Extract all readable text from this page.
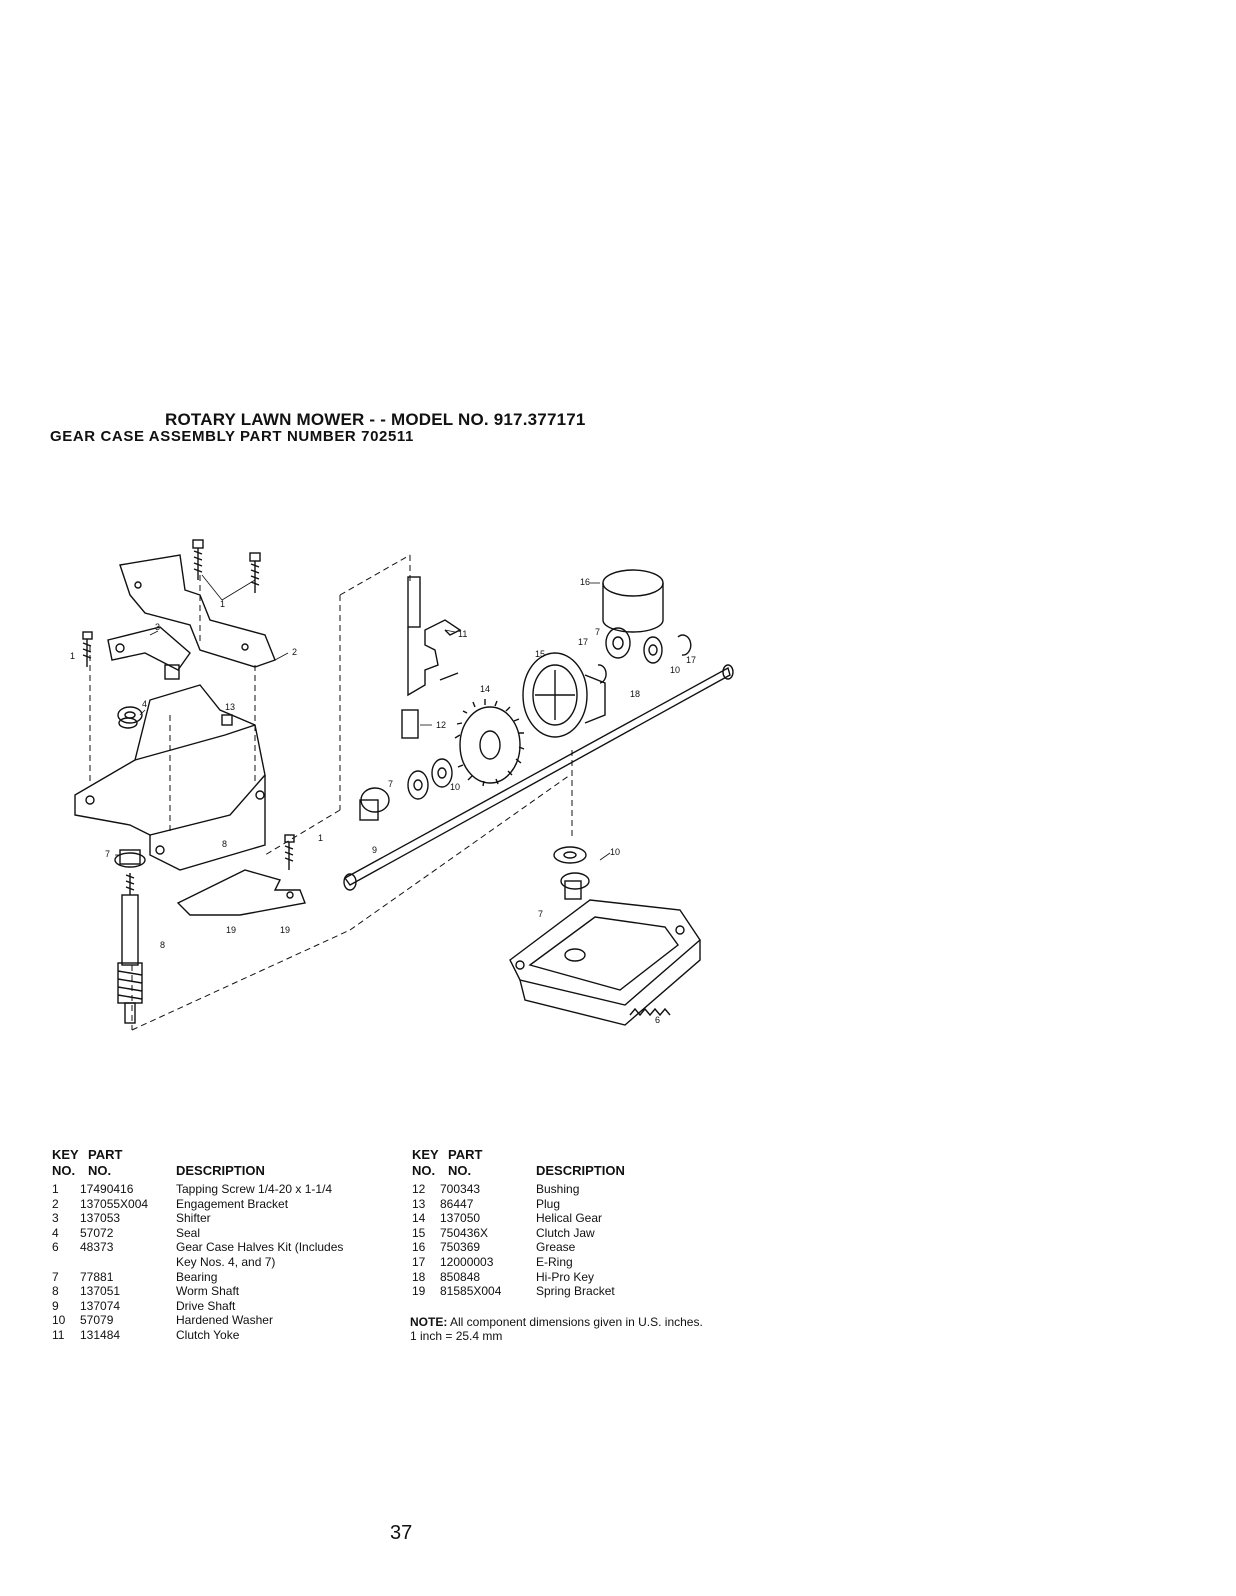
ROTARY LAWN MOWER - - MODEL NO. 917.377171
GEAR CASE ASSEMBLY PART NUMBER 702511
1
1
1
2
3
4
6
7
7
7
7
8
8
9
10
10
10
11
12
13
14
15
16
17
17
18
19	19
KEY
NO.
PART
NO.	DESCRIPTION
1 17490416	Tapping Screw 1/4-20 x 1-1/4
2 137055X004 Engagement Bracket
3 137053	Shifter
4 57072	Seal
6 48373	Gear Case Halves Kit (Includes
Key Nos. 4, and 7)
7 77881	Bearing
8 137051	Worm Shaft
9 137074	Drive Shaft
10 57079	Hardened Washer
11 131484	Clutch Yoke
KEY
NO.
PART
NO.	DESCRIPTION
12 700343	Bushing
13 86447	Plug
14 137050	Helical Gear
15 750436X	Clutch Jaw
16 750369	Grease
17 12000003	E-Ring
18 850848	Hi-Pro Key
19 81585X004	Spring Bracket
NOTE: All component dimensions given in U.S. inches.
1 inch = 25.4 mm
37
